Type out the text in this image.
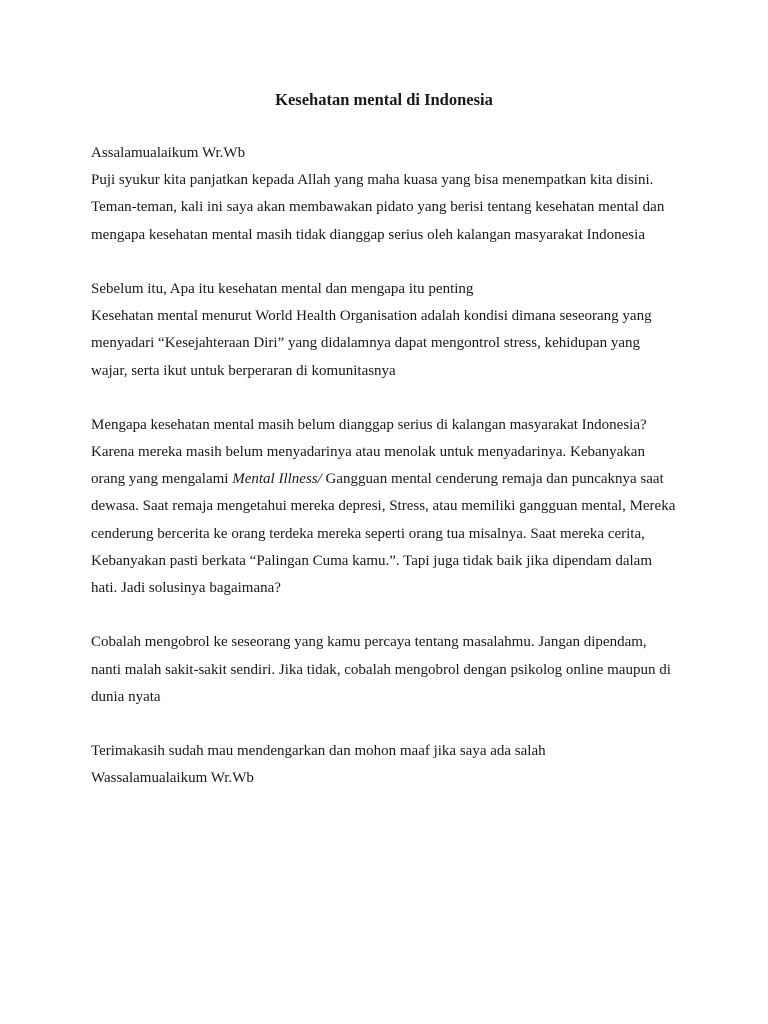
Kesehatan mental di Indonesia
Assalamualaikum Wr.Wb
Puji syukur kita panjatkan kepada Allah yang maha kuasa yang bisa menempatkan kita disini.
Teman-teman, kali ini saya akan membawakan pidato yang berisi tentang kesehatan mental dan
mengapa kesehatan mental masih tidak dianggap serius oleh kalangan masyarakat Indonesia
Sebelum itu, Apa itu kesehatan mental dan mengapa itu penting
Kesehatan mental menurut World Health Organisation adalah kondisi dimana seseorang yang
menyadari “Kesejahteraan Diri” yang didalamnya dapat mengontrol stress, kehidupan yang
wajar, serta ikut untuk berperaran di komunitasnya
Mengapa kesehatan mental masih belum dianggap serius di kalangan masyarakat Indonesia?
Karena mereka masih belum menyadarinya atau menolak untuk menyadarinya. Kebanyakan
orang yang mengalami Mental Illness/ Gangguan mental cenderung remaja dan puncaknya saat
dewasa. Saat remaja mengetahui mereka depresi, Stress, atau memiliki gangguan mental, Mereka
cenderung bercerita ke orang terdeka mereka seperti orang tua misalnya. Saat mereka cerita,
Kebanyakan pasti berkata “Palingan Cuma kamu.”. Tapi juga tidak baik jika dipendam dalam
hati. Jadi solusinya bagaimana?
Cobalah mengobrol ke seseorang yang kamu percaya tentang masalahmu. Jangan dipendam,
nanti malah sakit-sakit sendiri. Jika tidak, cobalah mengobrol dengan psikolog online maupun di
dunia nyata
Terimakasih sudah mau mendengarkan dan mohon maaf jika saya ada salah
Wassalamualaikum Wr.Wb
